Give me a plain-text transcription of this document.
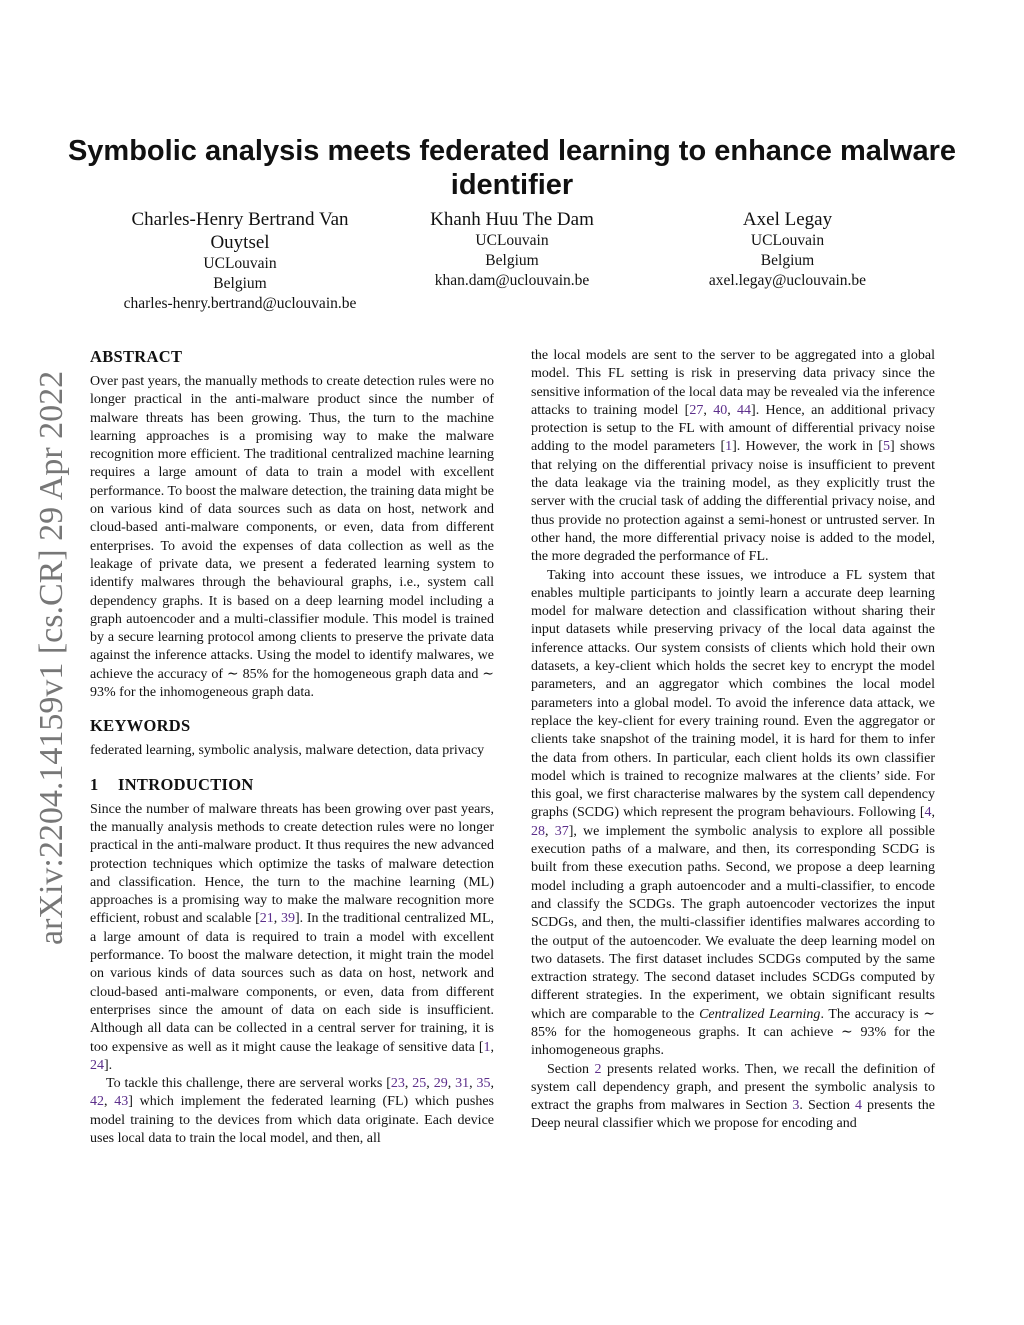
arXiv:2204.14159v1 [cs.CR] 29 Apr 2022
Symbolic analysis meets federated learning to enhance malware identifier
Charles-Henry Bertrand Van Ouytsel
UCLouvain
Belgium
charles-henry.bertrand@uclouvain.be
Khanh Huu The Dam
UCLouvain
Belgium
khan.dam@uclouvain.be
Axel Legay
UCLouvain
Belgium
axel.legay@uclouvain.be
ABSTRACT

Over past years, the manually methods to create detection rules were no longer practical in the anti-malware product since the number of malware threats has been growing. Thus, the turn to the machine learning approaches is a promising way to make the malware recognition more efficient. The traditional centralized machine learning requires a large amount of data to train a model with excellent performance. To boost the malware detection, the training data might be on various kind of data sources such as data on host, network and cloud-based anti-malware components, or even, data from different enterprises. To avoid the expenses of data collection as well as the leakage of private data, we present a federated learning system to identify malwares through the behavioural graphs, i.e., system call dependency graphs. It is based on a deep learning model including a graph autoencoder and a multi-classifier module. This model is trained by a secure learning protocol among clients to preserve the private data against the inference attacks. Using the model to identify malwares, we achieve the accuracy of ∼ 85% for the homogeneous graph data and ∼ 93% for the inhomogeneous graph data.

KEYWORDS

federated learning, symbolic analysis, malware detection, data privacy

1 INTRODUCTION

Since the number of malware threats has been growing over past years, the manually analysis methods to create detection rules were no longer practical in the anti-malware product. It thus requires the new advanced protection techniques which optimize the tasks of malware detection and classification. Hence, the turn to the machine learning (ML) approaches is a promising way to make the malware recognition more efficient, robust and scalable [21, 39]. In the traditional centralized ML, a large amount of data is required to train a model with excellent performance. To boost the malware detection, it might train the model on various kinds of data sources such as data on host, network and cloud-based anti-malware components, or even, data from different enterprises since the amount of data on each side is insufficient. Although all data can be collected in a central server for training, it is too expensive as well as it might cause the leakage of sensitive data [1, 24].

To tackle this challenge, there are serveral works [23, 25, 29, 31, 35, 42, 43] which implement the federated learning (FL) which pushes model training to the devices from which data originate. Each device uses local data to train the local model, and then, all

the local models are sent to the server to be aggregated into a global model. This FL setting is risk in preserving data privacy since the sensitive information of the local data may be revealed via the inference attacks to training model [27, 40, 44]. Hence, an additional privacy protection is setup to the FL with amount of differential privacy noise adding to the model parameters [1]. However, the work in [5] shows that relying on the differential privacy noise is insufficient to prevent the data leakage via the training model, as they explicitly trust the server with the crucial task of adding the differential privacy noise, and thus provide no protection against a semi-honest or untrusted server. In other hand, the more differential privacy noise is added to the model, the more degraded the performance of FL.

Taking into account these issues, we introduce a FL system that enables multiple participants to jointly learn a accurate deep learning model for malware detection and classification without sharing their input datasets while preserving privacy of the local data against the inference attacks. Our system consists of clients which hold their own datasets, a key-client which holds the secret key to encrypt the model parameters, and an aggregator which combines the local model parameters into a global model. To avoid the inference data attack, we replace the key-client for every training round. Even the aggregator or clients take snapshot of the training model, it is hard for them to infer the data from others. In particular, each client holds its own classifier model which is trained to recognize malwares at the clients’ side. For this goal, we first characterise malwares by the system call dependency graphs (SCDG) which represent the program behaviours. Following [4, 28, 37], we implement the symbolic analysis to explore all possible execution paths of a malware, and then, its corresponding SCDG is built from these execution paths. Second, we propose a deep learning model including a graph autoencoder and a multi-classifier, to encode and classify the SCDGs. The graph autoencoder vectorizes the input SCDGs, and then, the multi-classifier identifies malwares according to the output of the autoencoder. We evaluate the deep learning model on two datasets. The first dataset includes SCDGs computed by the same extraction strategy. The second dataset includes SCDGs computed by different strategies. In the experiment, we obtain significant results which are comparable to the Centralized Learning. The accuracy is ∼ 85% for the homogeneous graphs. It can achieve ∼ 93% for the inhomogeneous graphs.

Section 2 presents related works. Then, we recall the definition of system call dependency graph, and present the symbolic analysis to extract the graphs from malwares in Section 3. Section 4 presents the Deep neural classifier which we propose for encoding and
